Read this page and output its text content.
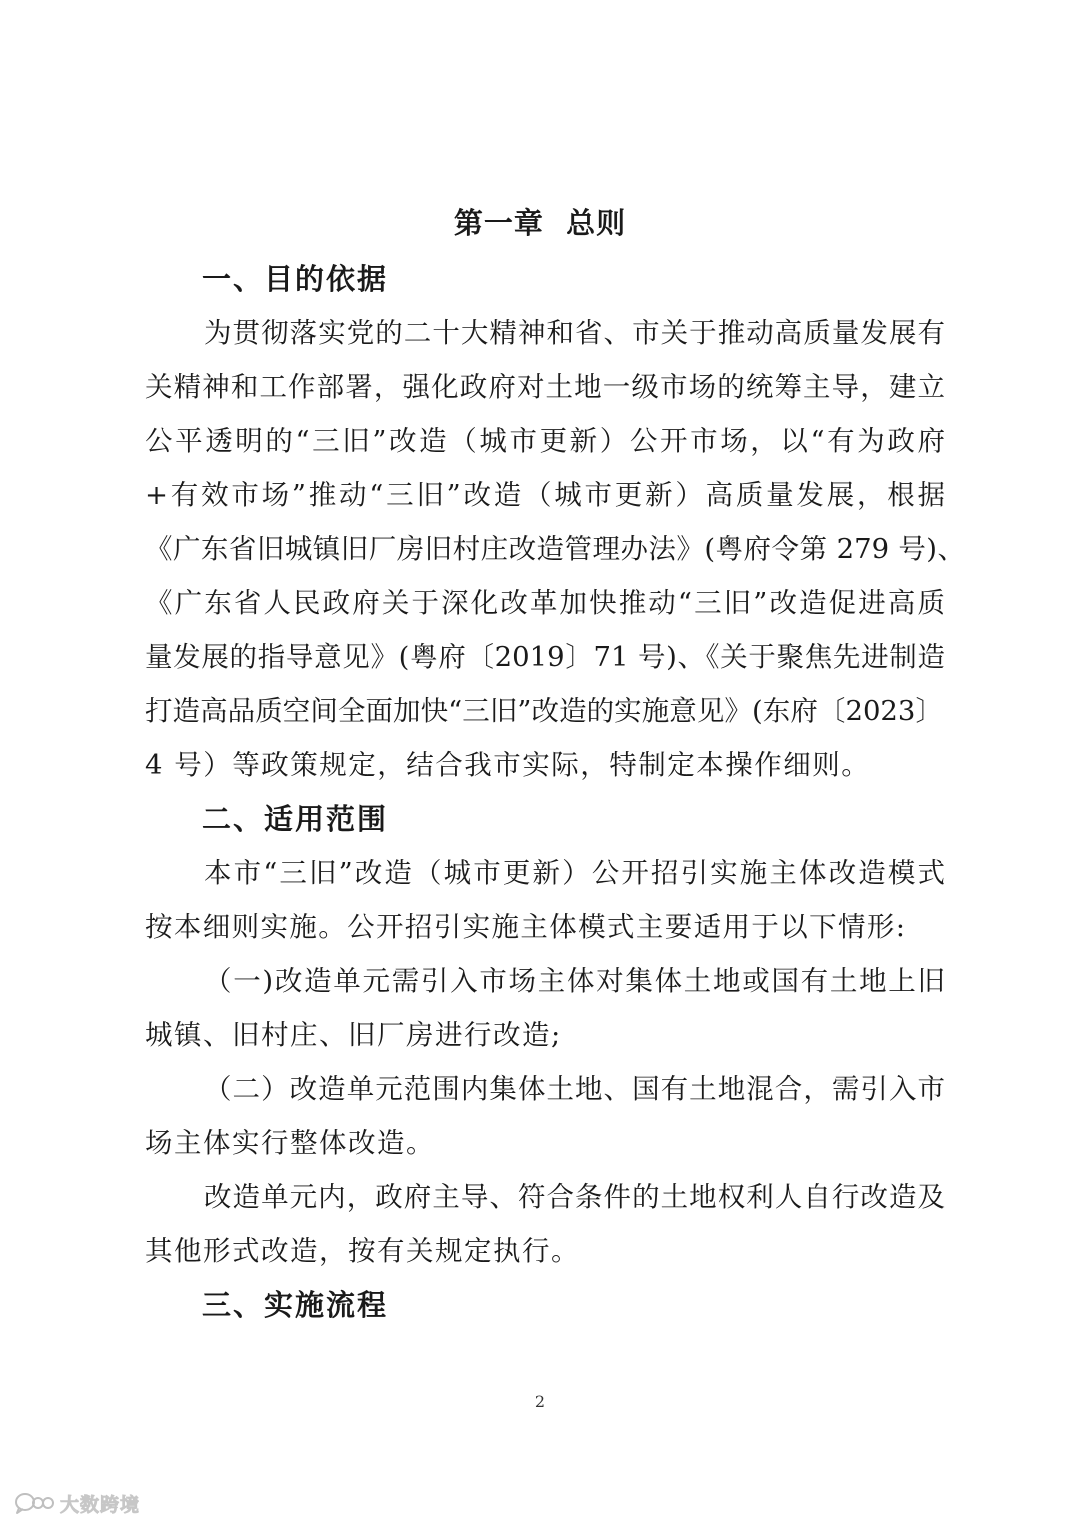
第一章  总则
一、目的依据
为贯彻落实党的二十大精神和省、市关于推动高质量发展有
关精神和工作部署，强化政府对土地一级市场的统筹主导，建立
公平透明的“三旧”改造（城市更新）公开市场，以“有为政府
+有效市场”推动“三旧”改造（城市更新）高质量发展，根据
《广东省旧城镇旧厂房旧村庄改造管理办法》(粤府令第 279 号)、
《广东省人民政府关于深化改革加快推动“三旧”改造促进高质
量发展的指导意见》(粤府〔2019〕71 号)、《关于聚焦先进制造
打造高品质空间全面加快“三旧”改造的实施意见》(东府〔2023〕
4 号）等政策规定，结合我市实际，特制定本操作细则。
二、适用范围
本市“三旧”改造（城市更新）公开招引实施主体改造模式
按本细则实施。公开招引实施主体模式主要适用于以下情形:
（一)改造单元需引入市场主体对集体土地或国有土地上旧
城镇、旧村庄、旧厂房进行改造;
（二）改造单元范围内集体土地、国有土地混合，需引入市
场主体实行整体改造。
改造单元内，政府主导、符合条件的土地权利人自行改造及
其他形式改造，按有关规定执行。
三、实施流程
2
大数跨境
